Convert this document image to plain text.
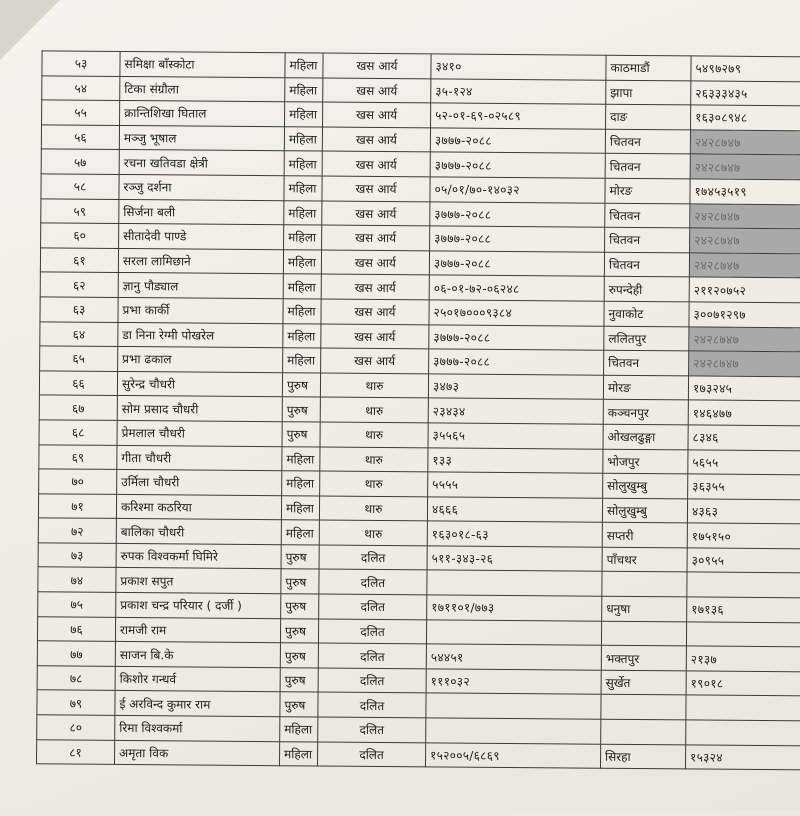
५३	समिक्षा बाँस्कोटा	महिला	खस आर्य	३४१०	काठमाडौं	५४९७२७९
५४	टिका संग्रौला	महिला	खस आर्य	३५-१२४	झापा	२६३३३४३५
५५	क्रान्तिशिखा घिताल	महिला	खस आर्य	५२-०१-६९-०२५८९	दाङ	१६३०८९४८
५६	मञ्जु भूषाल	महिला	खस आर्य	३७७७-२०८८	चितवन	२४२८७४७
५७	रचना खतिवडा क्षेत्री	महिला	खस आर्य	३७७७-२०८८	चितवन	२४२८७४७
५८	रञ्जु दर्शना	महिला	खस आर्य	०५/०१/७०-१४०३२	मोरङ	१७४५३५१९
५९	सिर्जना बली	महिला	खस आर्य	३७७७-२०८८	चितवन	२४२८७४७
६०	सीतादेवी पाण्डे	महिला	खस आर्य	३७७७-२०८८	चितवन	२४२८७४७
६१	सरला लामिछाने	महिला	खस आर्य	३७७७-२०८८	चितवन	२४२८७४७
६२	ज्ञानु पौड्याल	महिला	खस आर्य	०६-०१-७२-०६२४८	रुपन्देही	२११२०७५२
६३	प्रभा कार्की	महिला	खस आर्य	२५०१७०००९३८४	नुवाकोट	३००७१२९७
६४	डा निना रेग्मी पोखरेल	महिला	खस आर्य	३७७७-२०८८	ललितपुर	२४२८७४७
६५	प्रभा ढकाल	महिला	खस आर्य	३७७७-२०८८	चितवन	२४२८७४७
६६	सुरेन्द्र चौधरी	पुरुष	थारु	३४७३	मोरङ	१७३२४५
६७	सोम प्रसाद चौधरी	पुरुष	थारु	२३४३४	कञ्चनपुर	१४६४७७
६८	प्रेमलाल चौधरी	पुरुष	थारु	३५५६५	ओखलढुङ्गा	८३४६
६९	गीता चौधरी	महिला	थारु	१३३	भोजपुर	५६५५
७०	उर्मिला चौधरी	महिला	थारु	५५५५	सोलुखुम्बु	३६३५५
७१	करिश्मा कठरिया	महिला	थारु	४६६६	सोलुखुम्बु	४३६३
७२	बालिका चौधरी	महिला	थारु	१६३०१८-६३	सप्तरी	१७५१५०
७३	रुपक विश्वकर्मा घिमिरे	पुरुष	दलित	५११-३४३-२६	पाँचथर	३०९५५
७४	प्रकाश सपुत	पुरुष	दलित			
७५	प्रकाश चन्द्र परियार ( दर्जी )	पुरुष	दलित	१७११०१/७७३	धनुषा	१७१३६
७६	रामजी राम	पुरुष	दलित			
७७	साजन बि.के	पुरुष	दलित	५४४५१	भक्तपुर	२१३७
७८	किशोर गन्धर्व	पुरुष	दलित	१११०३२	सुर्खेत	१९०१८
७९	ई अरविन्द कुमार राम	पुरुष	दलित			
८०	रिमा विश्वकर्मा	महिला	दलित			
८१	अमृता विक	महिला	दलित	१५२००५/६८६९	सिरहा	१५३२४
